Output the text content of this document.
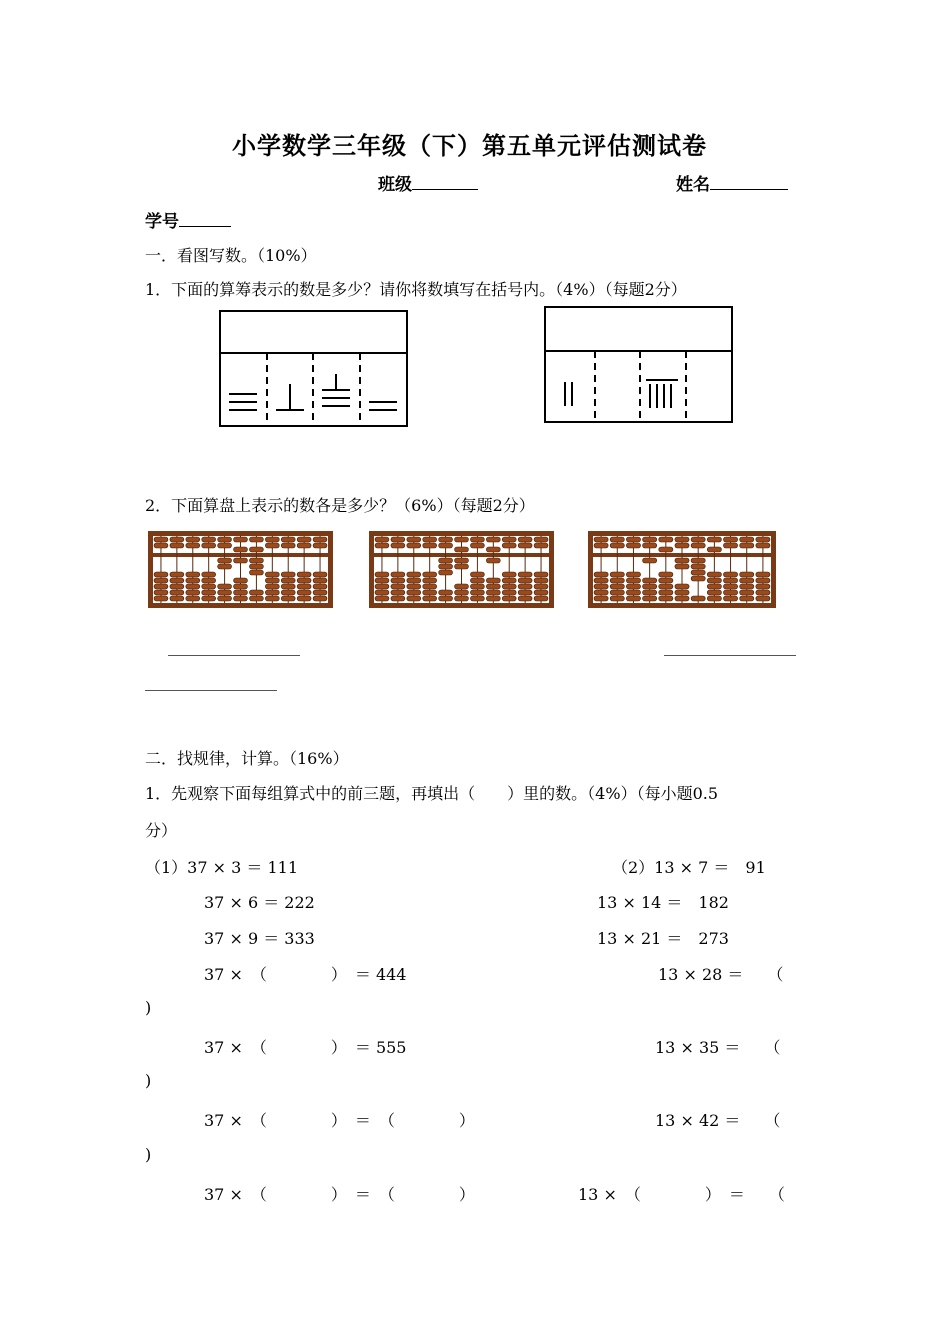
小学数学三年级（下）第五单元评估测试卷
班级	姓名
学号
一．看图写数。（10%）
1．下面的算筹表示的数是多少？请你将数填写在括号内。（4%）（每题2分）
2．下面算盘上表示的数各是多少？（6%）（每题2分）
二．找规律，计算。（16%）
1．先观察下面每组算式中的前三题，再填出（　　）里的数。（4%）（每小题0.5
分）
（1）37 × 3 ＝ 111
37 × 6 ＝ 222
37 × 9 ＝ 333
37 ×　（　　　　）　＝ 444
37 ×　（　　　　）　＝ 555
37 ×　（　　　　）　＝　（　　　　）
37 ×　（　　　　）　＝　（　　　　）
（2）13 × 7 ＝　91
13 × 14 ＝　182
13 × 21 ＝　273
13 × 28 ＝　　（
13 × 35 ＝　　（
13 × 42 ＝　　（
13 ×　（　　　　）　＝　　（
)
)
)
